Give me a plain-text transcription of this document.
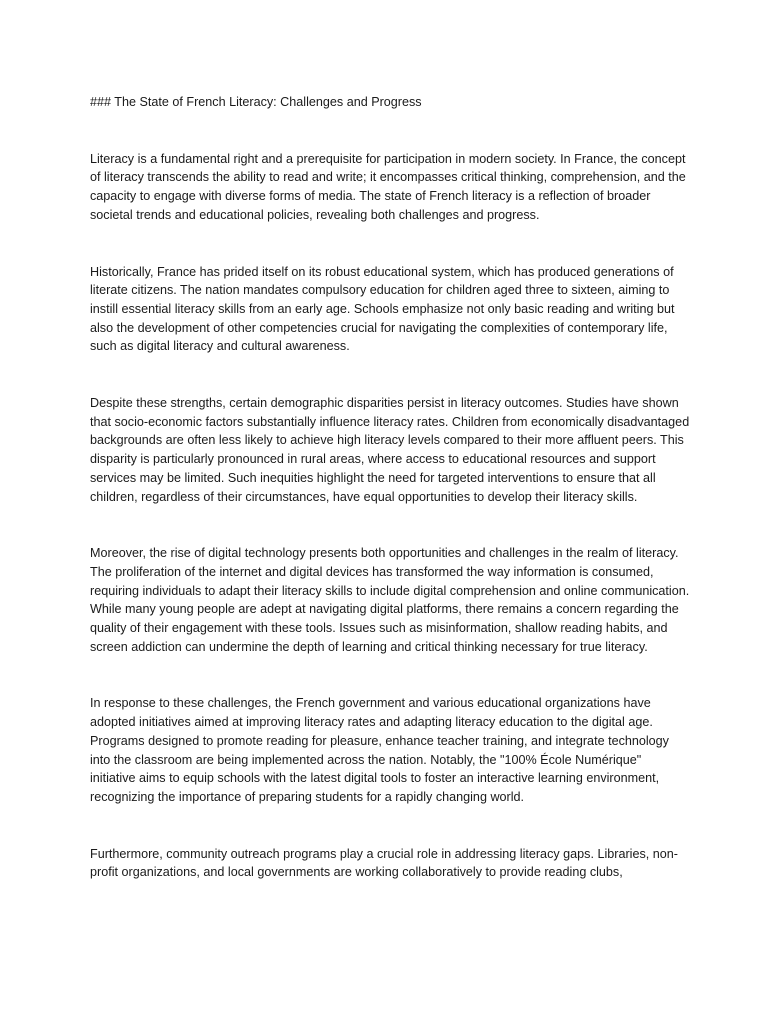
### The State of French Literacy: Challenges and Progress

Literacy is a fundamental right and a prerequisite for participation in modern society. In France, the concept of literacy transcends the ability to read and write; it encompasses critical thinking, comprehension, and the capacity to engage with diverse forms of media. The state of French literacy is a reflection of broader societal trends and educational policies, revealing both challenges and progress.

Historically, France has prided itself on its robust educational system, which has produced generations of literate citizens. The nation mandates compulsory education for children aged three to sixteen, aiming to instill essential literacy skills from an early age. Schools emphasize not only basic reading and writing but also the development of other competencies crucial for navigating the complexities of contemporary life, such as digital literacy and cultural awareness.

Despite these strengths, certain demographic disparities persist in literacy outcomes. Studies have shown that socio-economic factors substantially influence literacy rates. Children from economically disadvantaged backgrounds are often less likely to achieve high literacy levels compared to their more affluent peers. This disparity is particularly pronounced in rural areas, where access to educational resources and support services may be limited. Such inequities highlight the need for targeted interventions to ensure that all children, regardless of their circumstances, have equal opportunities to develop their literacy skills.

Moreover, the rise of digital technology presents both opportunities and challenges in the realm of literacy. The proliferation of the internet and digital devices has transformed the way information is consumed, requiring individuals to adapt their literacy skills to include digital comprehension and online communication. While many young people are adept at navigating digital platforms, there remains a concern regarding the quality of their engagement with these tools. Issues such as misinformation, shallow reading habits, and screen addiction can undermine the depth of learning and critical thinking necessary for true literacy.

In response to these challenges, the French government and various educational organizations have adopted initiatives aimed at improving literacy rates and adapting literacy education to the digital age. Programs designed to promote reading for pleasure, enhance teacher training, and integrate technology into the classroom are being implemented across the nation. Notably, the "100% École Numérique" initiative aims to equip schools with the latest digital tools to foster an interactive learning environment, recognizing the importance of preparing students for a rapidly changing world.

Furthermore, community outreach programs play a crucial role in addressing literacy gaps. Libraries, non-profit organizations, and local governments are working collaboratively to provide reading clubs,
